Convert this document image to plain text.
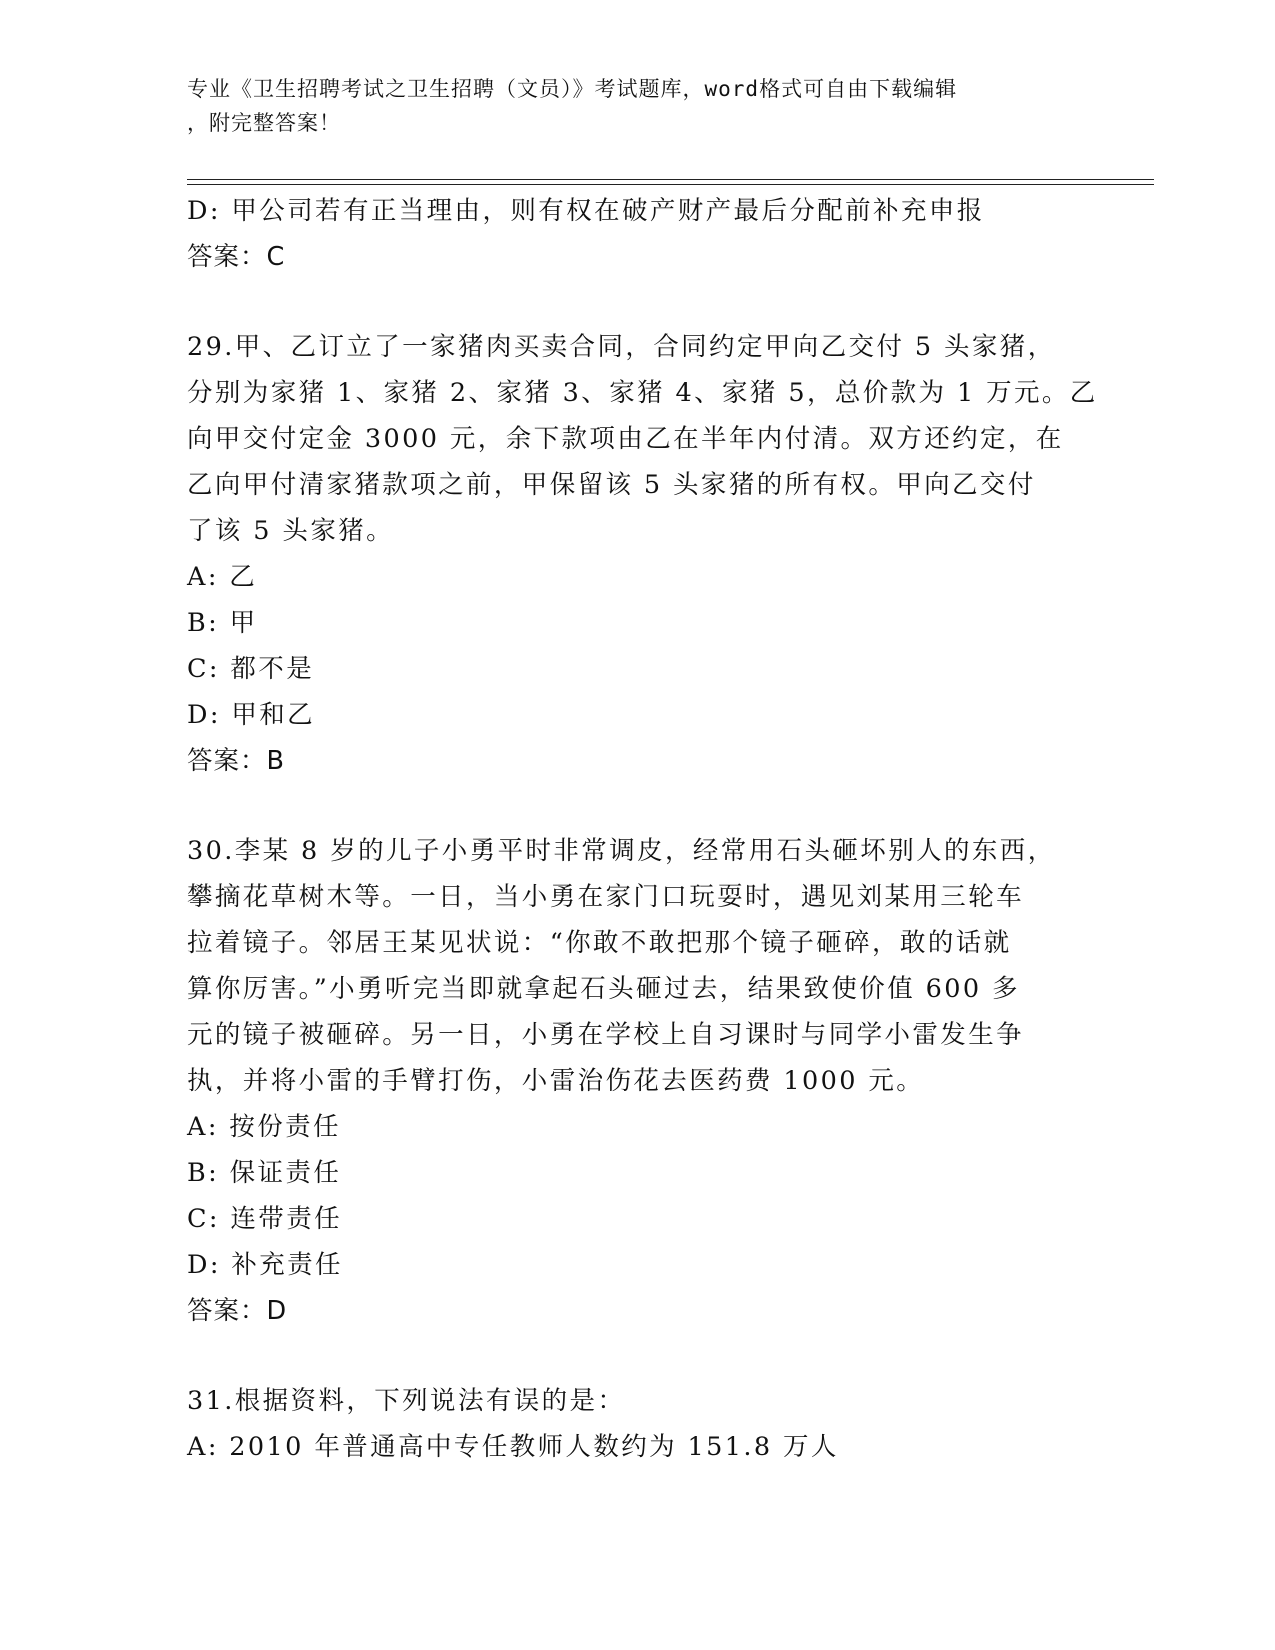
专业《卫生招聘考试之卫生招聘（文员）》考试题库，word格式可自由下载编辑
，附完整答案！
D: 甲公司若有正当理由，则有权在破产财产最后分配前补充申报
答案：C
29.甲、乙订立了一家猪肉买卖合同，合同约定甲向乙交付 5 头家猪，
分别为家猪 1、家猪 2、家猪 3、家猪 4、家猪 5，总价款为 1 万元。乙
向甲交付定金 3000 元，余下款项由乙在半年内付清。双方还约定，在
乙向甲付清家猪款项之前，甲保留该 5 头家猪的所有权。甲向乙交付
了该 5 头家猪。
A: 乙
B: 甲
C: 都不是
D: 甲和乙
答案：B
30.李某 8 岁的儿子小勇平时非常调皮，经常用石头砸坏别人的东西，
攀摘花草树木等。一日，当小勇在家门口玩耍时，遇见刘某用三轮车
拉着镜子。邻居王某见状说：“你敢不敢把那个镜子砸碎，敢的话就
算你厉害。”小勇听完当即就拿起石头砸过去，结果致使价值 600 多
元的镜子被砸碎。另一日，小勇在学校上自习课时与同学小雷发生争
执，并将小雷的手臂打伤，小雷治伤花去医药费 1000 元。
A: 按份责任
B: 保证责任
C: 连带责任
D: 补充责任
答案：D
31.根据资料，下列说法有误的是：
A: 2010 年普通高中专任教师人数约为 151.8 万人
